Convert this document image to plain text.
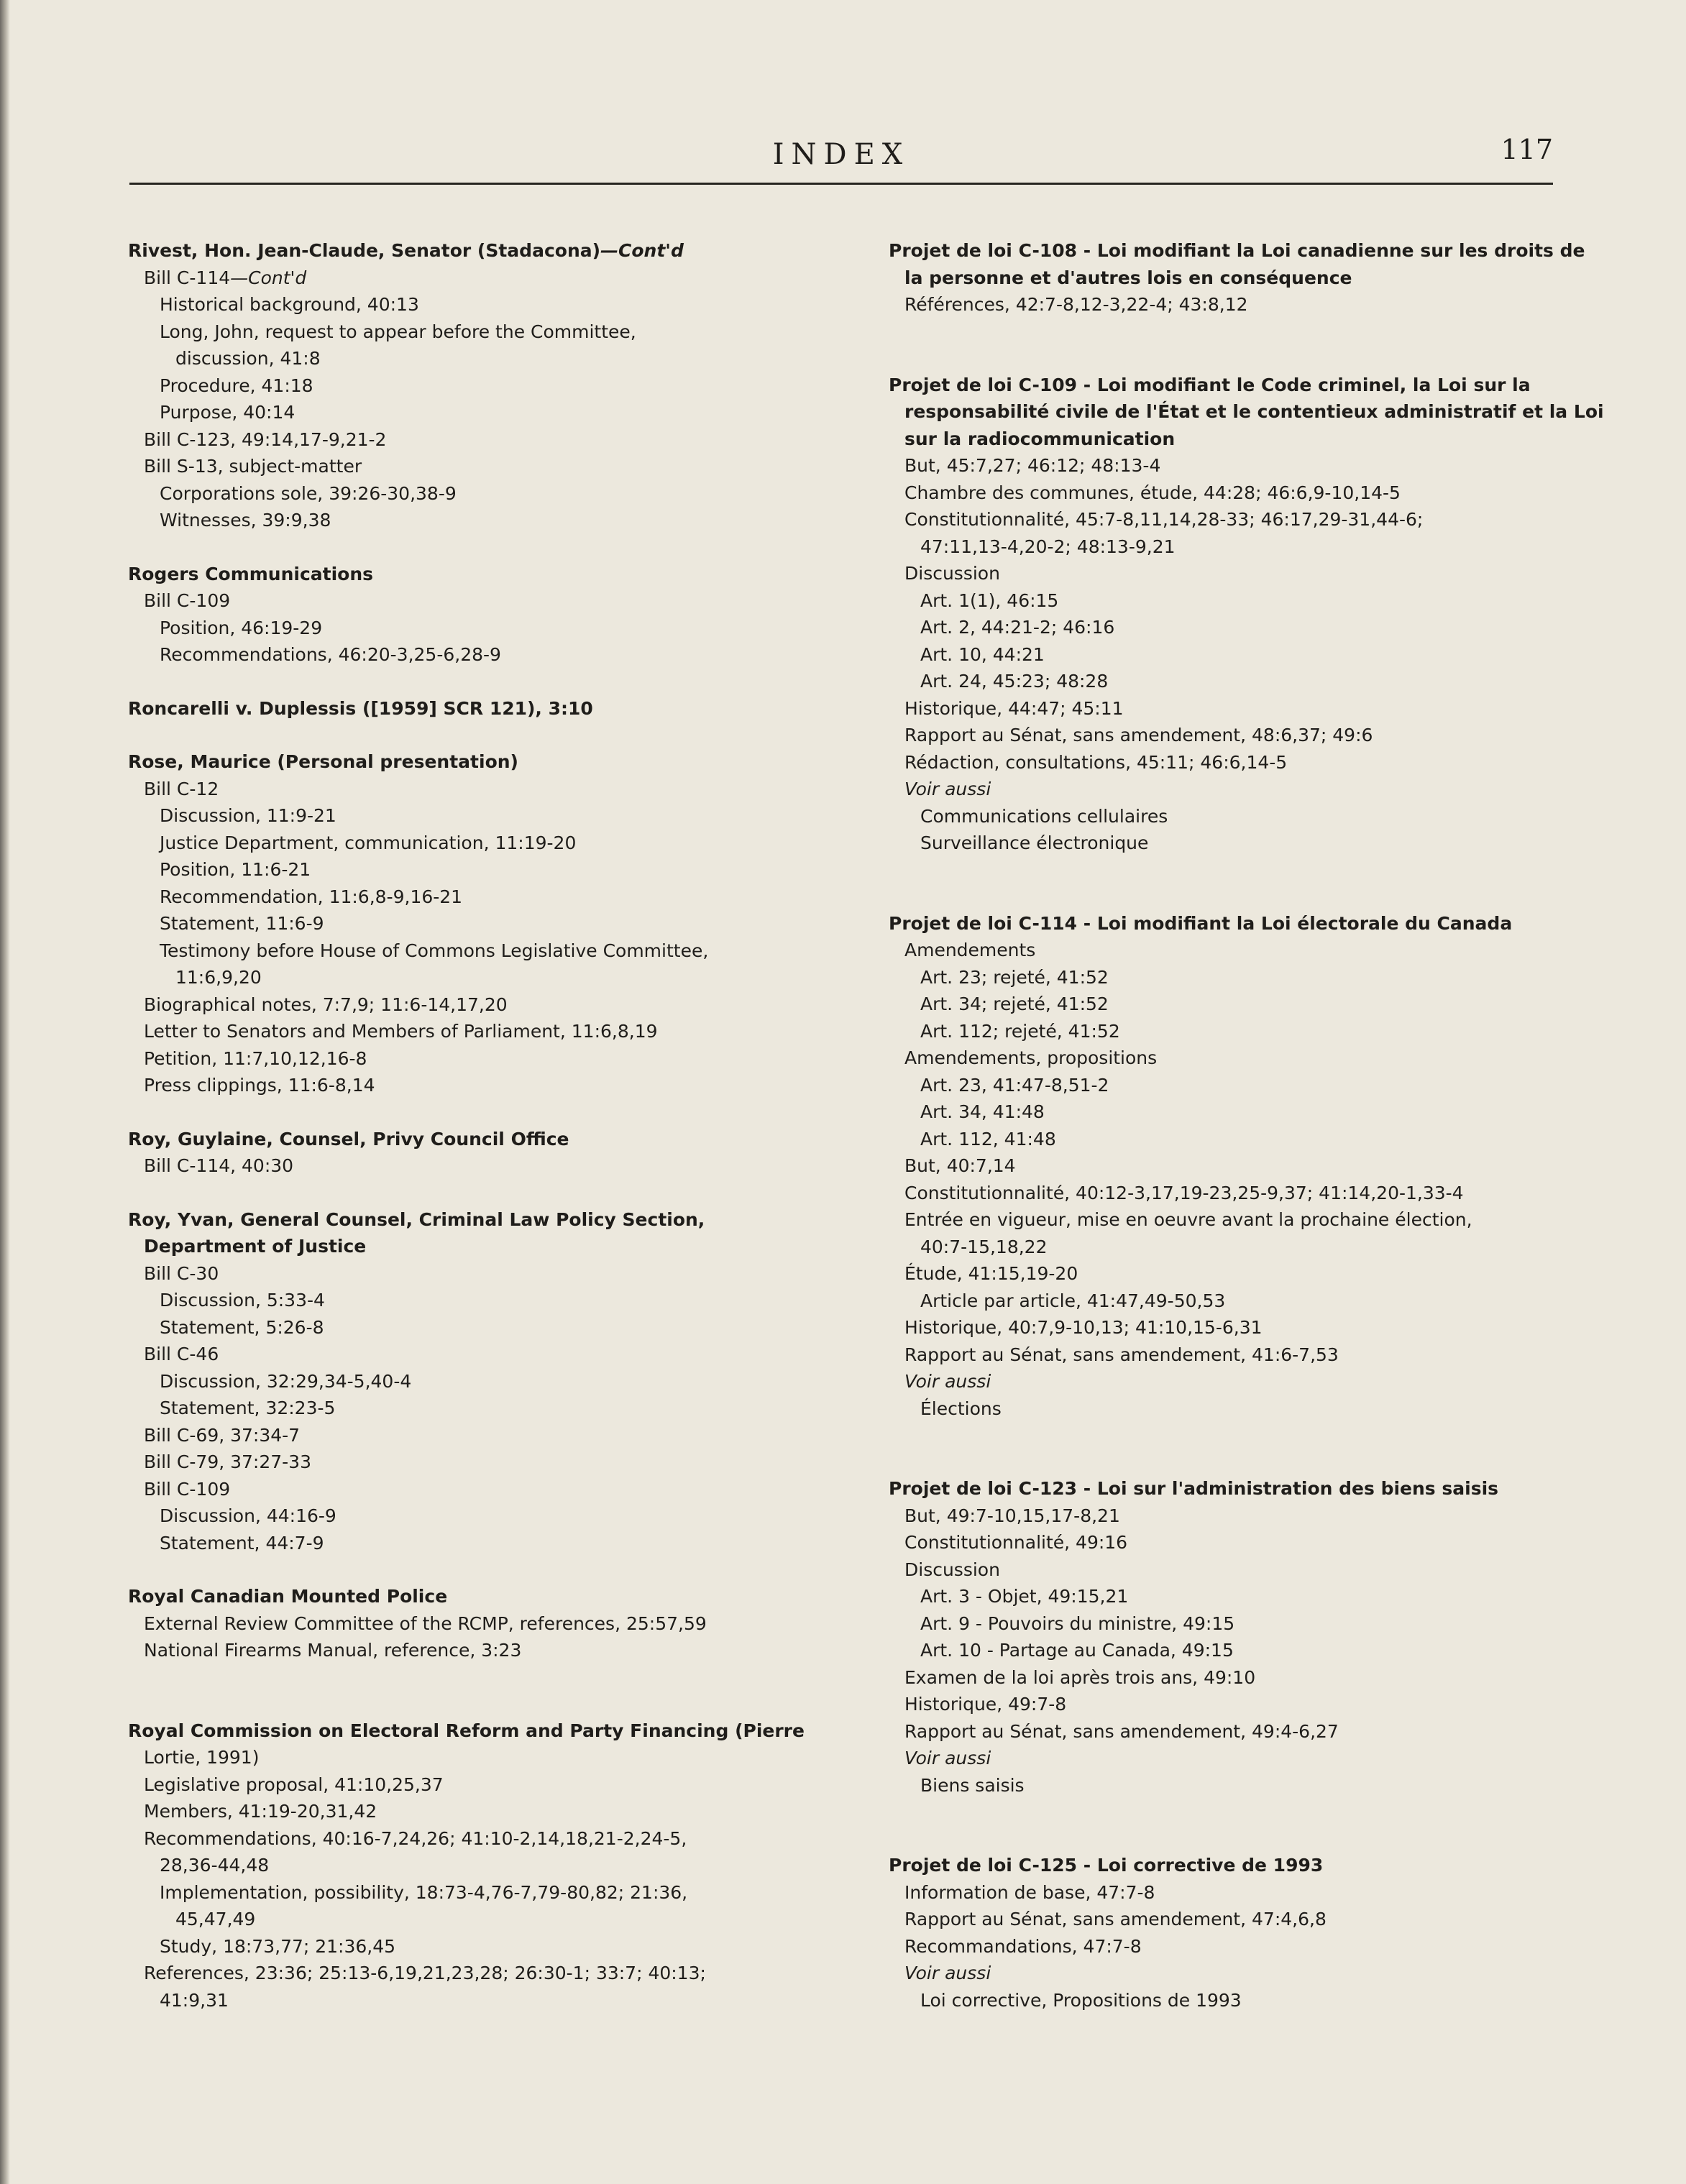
INDEX	117
Rivest, Hon. Jean-Claude, Senator (Stadacona)—Cont'd
Bill C-114—Cont'd
Historical background, 40:13
Long, John, request to appear before the Committee,
discussion, 41:8
Procedure, 41:18
Purpose, 40:14
Bill C-123, 49:14,17-9,21-2
Bill S-13, subject-matter
Corporations sole, 39:26-30,38-9
Witnesses, 39:9,38
Rogers Communications
Bill C-109
Position, 46:19-29
Recommendations, 46:20-3,25-6,28-9
Roncarelli v. Duplessis ([1959] SCR 121), 3:10
Rose, Maurice (Personal presentation)
Bill C-12
Discussion, 11:9-21
Justice Department, communication, 11:19-20
Position, 11:6-21
Recommendation, 11:6,8-9,16-21
Statement, 11:6-9
Testimony before House of Commons Legislative Committee,
11:6,9,20
Biographical notes, 7:7,9; 11:6-14,17,20
Letter to Senators and Members of Parliament, 11:6,8,19
Petition, 11:7,10,12,16-8
Press clippings, 11:6-8,14
Roy, Guylaine, Counsel, Privy Council Office
Bill C-114, 40:30
Roy, Yvan, General Counsel, Criminal Law Policy Section,
Department of Justice
Bill C-30
Discussion, 5:33-4
Statement, 5:26-8
Bill C-46
Discussion, 32:29,34-5,40-4
Statement, 32:23-5
Bill C-69, 37:34-7
Bill C-79, 37:27-33
Bill C-109
Discussion, 44:16-9
Statement, 44:7-9
Royal Canadian Mounted Police
External Review Committee of the RCMP, references, 25:57,59
National Firearms Manual, reference, 3:23
Royal Commission on Electoral Reform and Party Financing (Pierre
Lortie, 1991)
Legislative proposal, 41:10,25,37
Members, 41:19-20,31,42
Recommendations, 40:16-7,24,26; 41:10-2,14,18,21-2,24-5,
28,36-44,48
Implementation, possibility, 18:73-4,76-7,79-80,82; 21:36,
45,47,49
Study, 18:73,77; 21:36,45
References, 23:36; 25:13-6,19,21,23,28; 26:30-1; 33:7; 40:13;
41:9,31
Projet de loi C-108 - Loi modifiant la Loi canadienne sur les droits de
la personne et d'autres lois en conséquence
Références, 42:7-8,12-3,22-4; 43:8,12
Projet de loi C-109 - Loi modifiant le Code criminel, la Loi sur la
responsabilité civile de l'État et le contentieux administratif et la Loi
sur la radiocommunication
But, 45:7,27; 46:12; 48:13-4
Chambre des communes, étude, 44:28; 46:6,9-10,14-5
Constitutionnalité, 45:7-8,11,14,28-33; 46:17,29-31,44-6;
47:11,13-4,20-2; 48:13-9,21
Discussion
Art. 1(1), 46:15
Art. 2, 44:21-2; 46:16
Art. 10, 44:21
Art. 24, 45:23; 48:28
Historique, 44:47; 45:11
Rapport au Sénat, sans amendement, 48:6,37; 49:6
Rédaction, consultations, 45:11; 46:6,14-5
Voir aussi
Communications cellulaires
Surveillance électronique
Projet de loi C-114 - Loi modifiant la Loi électorale du Canada
Amendements
Art. 23; rejeté, 41:52
Art. 34; rejeté, 41:52
Art. 112; rejeté, 41:52
Amendements, propositions
Art. 23, 41:47-8,51-2
Art. 34, 41:48
Art. 112, 41:48
But, 40:7,14
Constitutionnalité, 40:12-3,17,19-23,25-9,37; 41:14,20-1,33-4
Entrée en vigueur, mise en oeuvre avant la prochaine élection,
40:7-15,18,22
Étude, 41:15,19-20
Article par article, 41:47,49-50,53
Historique, 40:7,9-10,13; 41:10,15-6,31
Rapport au Sénat, sans amendement, 41:6-7,53
Voir aussi
Élections
Projet de loi C-123 - Loi sur l'administration des biens saisis
But, 49:7-10,15,17-8,21
Constitutionnalité, 49:16
Discussion
Art. 3 - Objet, 49:15,21
Art. 9 - Pouvoirs du ministre, 49:15
Art. 10 - Partage au Canada, 49:15
Examen de la loi après trois ans, 49:10
Historique, 49:7-8
Rapport au Sénat, sans amendement, 49:4-6,27
Voir aussi
Biens saisis
Projet de loi C-125 - Loi corrective de 1993
Information de base, 47:7-8
Rapport au Sénat, sans amendement, 47:4,6,8
Recommandations, 47:7-8
Voir aussi
Loi corrective, Propositions de 1993
